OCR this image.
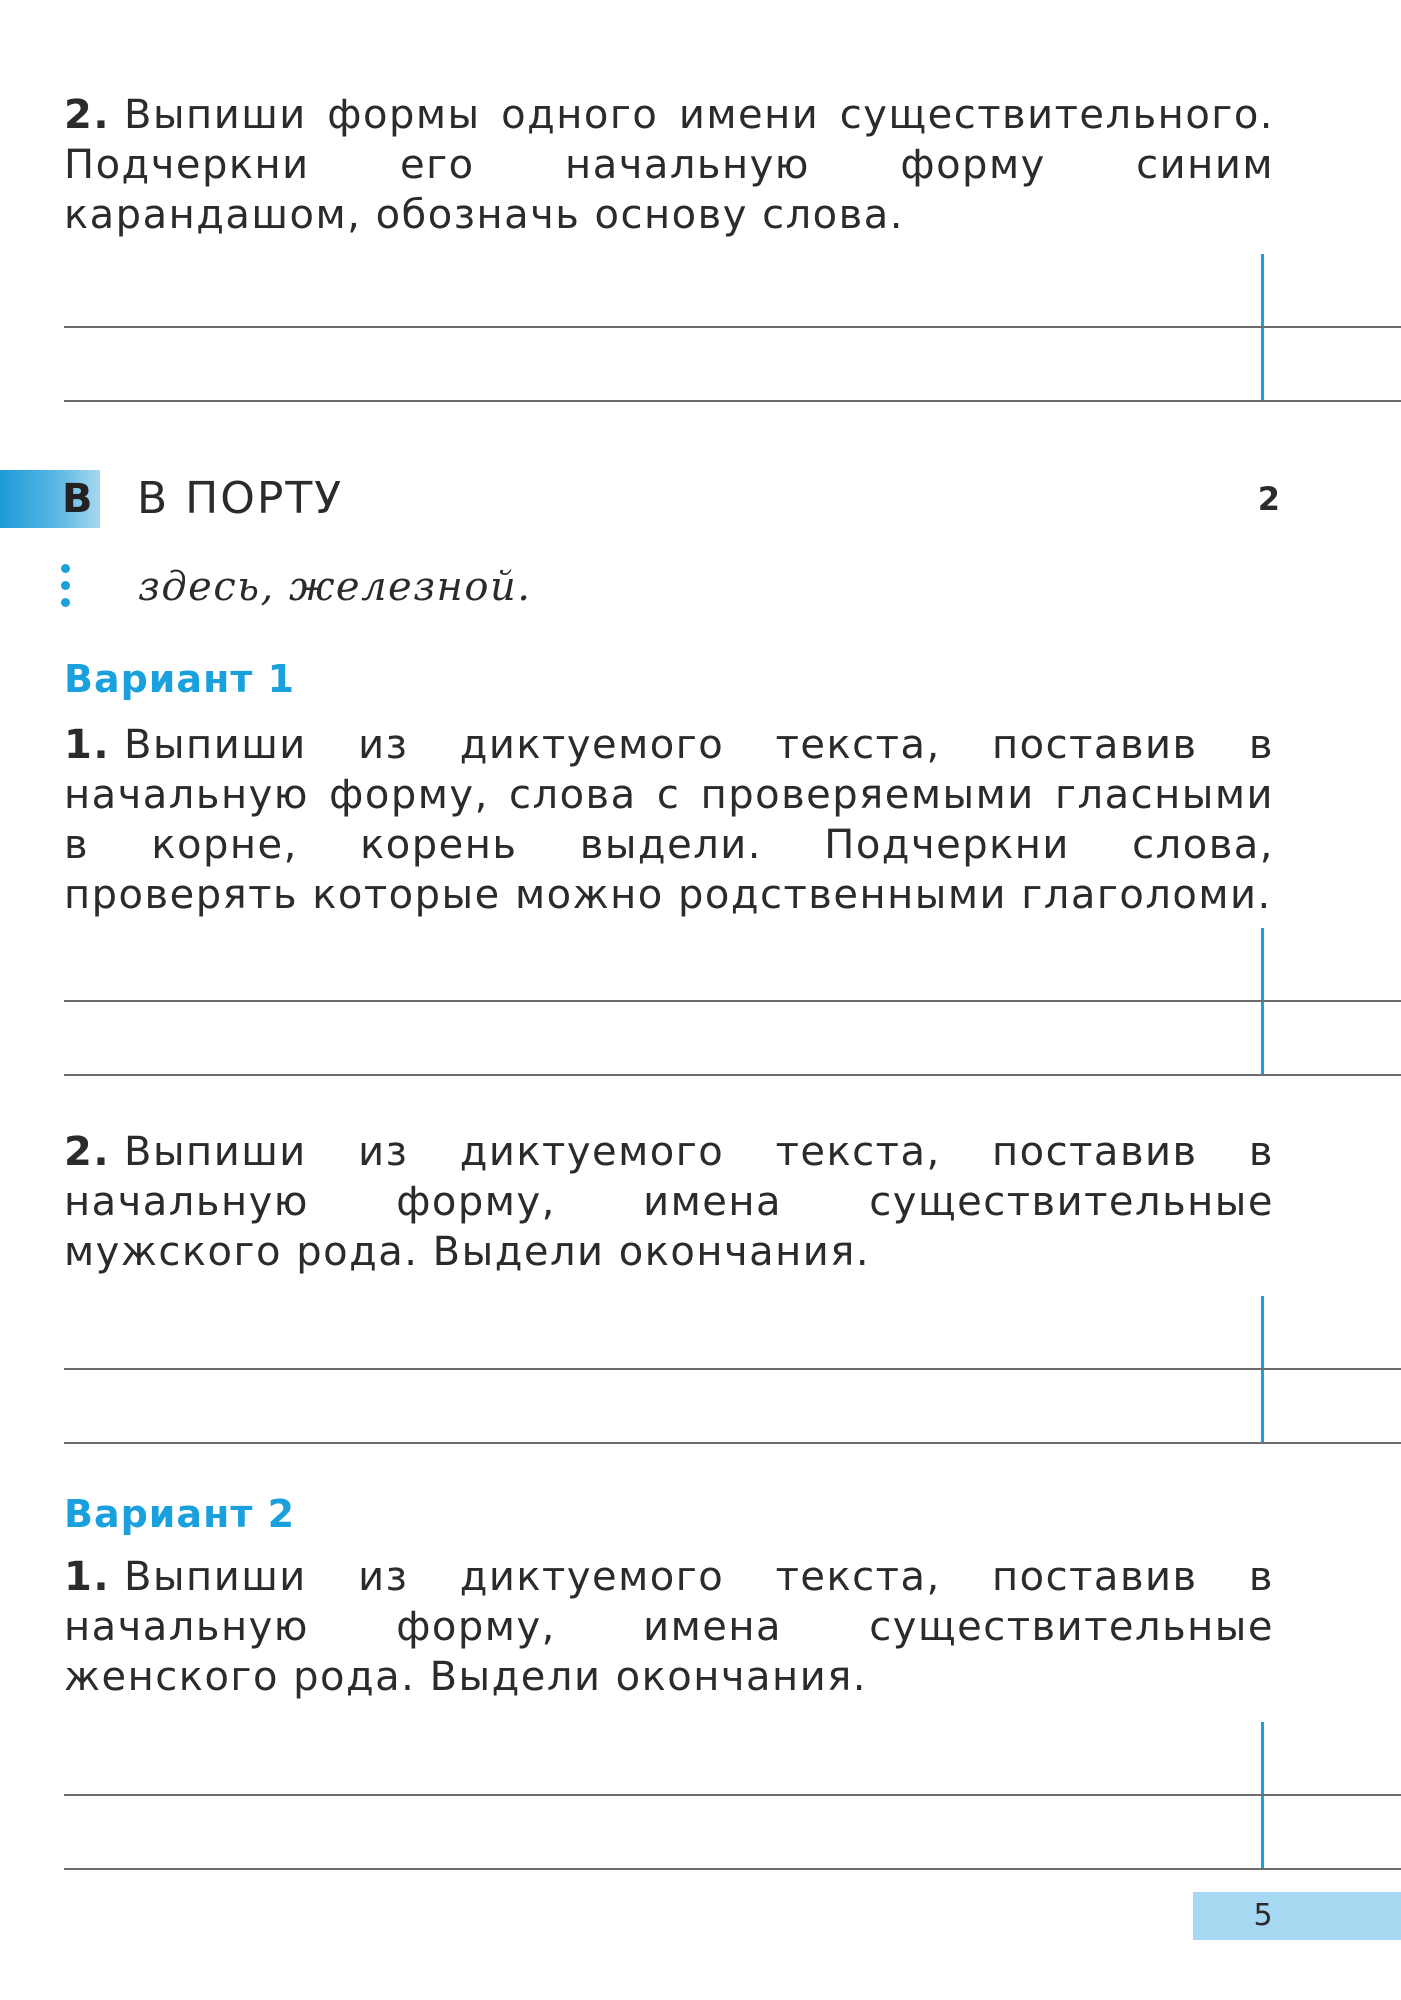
2. Выпиши формы одного имени существительного. Подчеркни его начальную форму синим карандашом, обозначь основу слова.
В В ПОРТУ	2
здесь, железной.
Вариант 1
1. Выпиши из диктуемого текста, поставив в начальную форму, слова с проверяемыми гласными в корне, корень выдели. Подчеркни слова, проверять которые можно родственными глаголоми.
2. Выпиши из диктуемого текста, поставив в начальную форму, имена существительные мужского рода. Выдели окончания.
Вариант 2
1. Выпиши из диктуемого текста, поставив в начальную форму, имена существительные женского рода. Выдели окончания.
5
